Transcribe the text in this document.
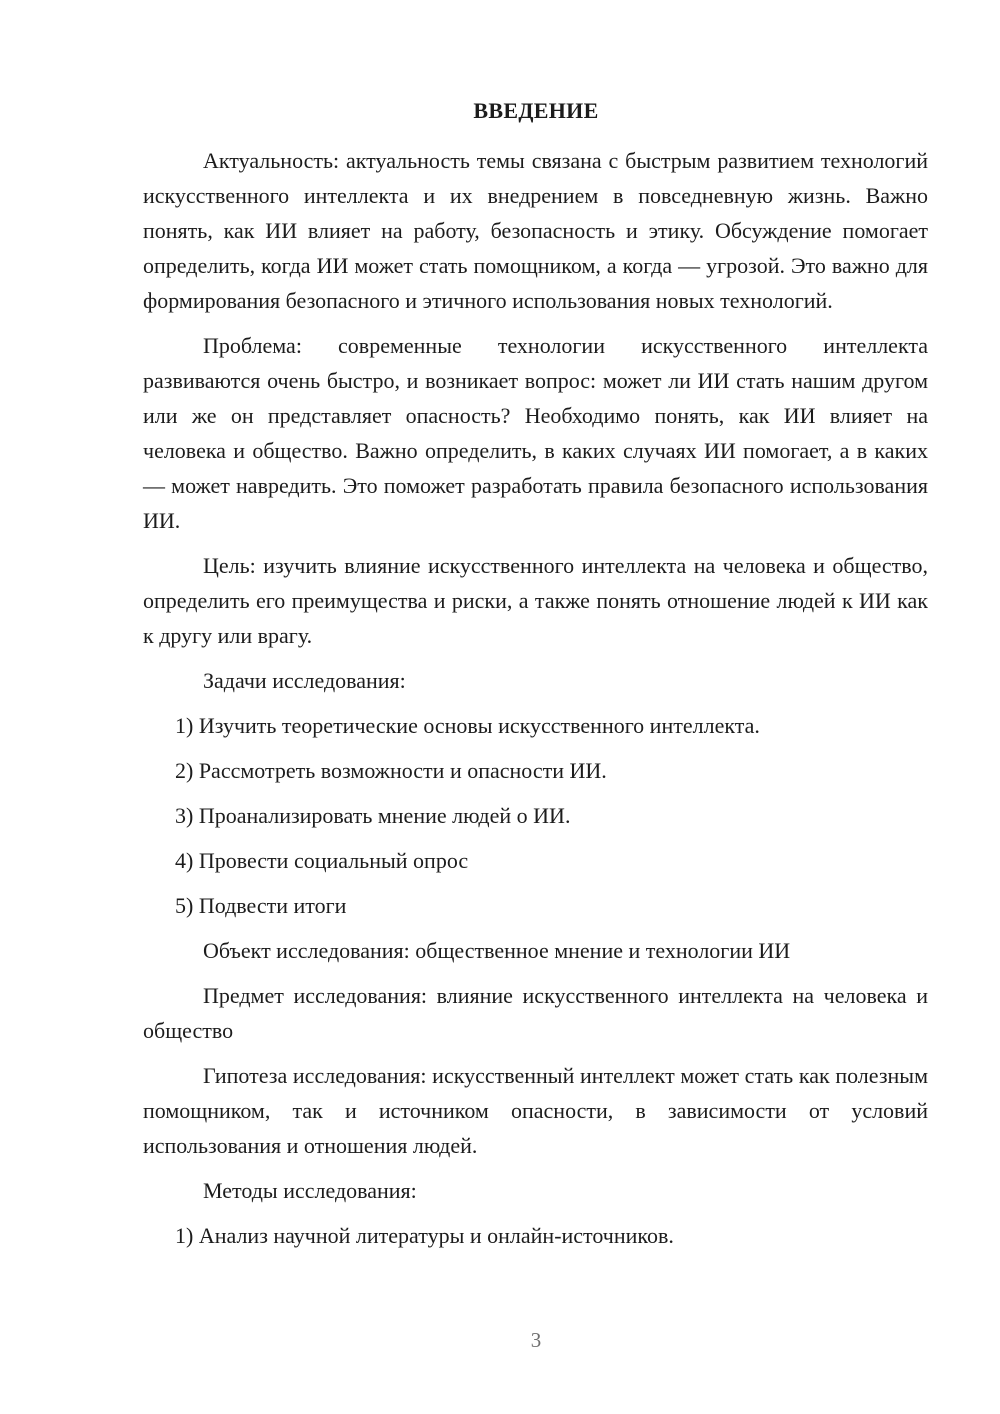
ВВЕДЕНИЕ

Актуальность: актуальность темы связана с быстрым развитием технологий искусственного интеллекта и их внедрением в повседневную жизнь. Важно понять, как ИИ влияет на работу, безопасность и этику. Обсуждение помогает определить, когда ИИ может стать помощником, а когда — угрозой. Это важно для формирования безопасного и этичного использования новых технологий.

Проблема: современные технологии искусственного интеллекта развиваются очень быстро, и возникает вопрос: может ли ИИ стать нашим другом или же он представляет опасность? Необходимо понять, как ИИ влияет на человека и общество. Важно определить, в каких случаях ИИ помогает, а в каких — может навредить. Это поможет разработать правила безопасного использования ИИ.

Цель: изучить влияние искусственного интеллекта на человека и общество, определить его преимущества и риски, а также понять отношение людей к ИИ как к другу или врагу.

Задачи исследования:

1) Изучить теоретические основы искусственного интеллекта.

2) Рассмотреть возможности и опасности ИИ.

3) Проанализировать мнение людей о ИИ.

4) Провести социальный опрос

5) Подвести итоги

Объект исследования: общественное мнение и технологии ИИ

Предмет исследования: влияние искусственного интеллекта на человека и общество

Гипотеза исследования: искусственный интеллект может стать как полезным помощником, так и источником опасности, в зависимости от условий использования и отношения людей.

Методы исследования:

1) Анализ научной литературы и онлайн-источников.

3
